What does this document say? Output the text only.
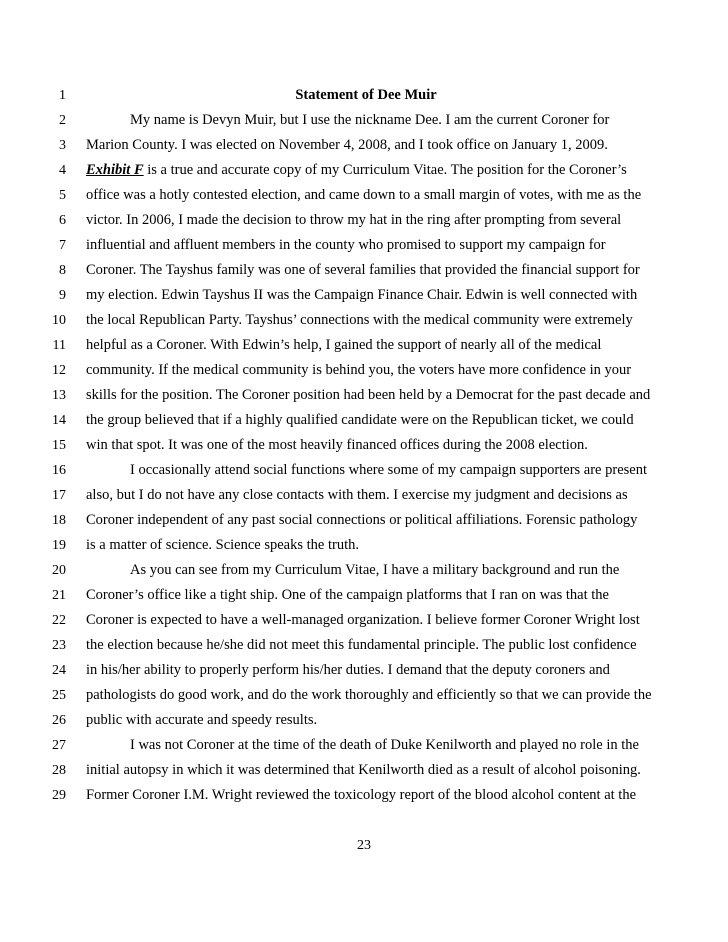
1	Statement of Dee Muir
2	My name is Devyn Muir, but I use the nickname Dee. I am the current Coroner for
3 Marion County. I was elected on November 4, 2008, and I took office on January 1, 2009.
4 Exhibit F is a true and accurate copy of my Curriculum Vitae. The position for the Coroner’s
5 office was a hotly contested election, and came down to a small margin of votes, with me as the
6 victor. In 2006, I made the decision to throw my hat in the ring after prompting from several
7 influential and affluent members in the county who promised to support my campaign for
8 Coroner. The Tayshus family was one of several families that provided the financial support for
9 my election. Edwin Tayshus II was the Campaign Finance Chair. Edwin is well connected with
10 the local Republican Party. Tayshus’ connections with the medical community were extremely
11 helpful as a Coroner. With Edwin’s help, I gained the support of nearly all of the medical
12 community. If the medical community is behind you, the voters have more confidence in your
13 skills for the position. The Coroner position had been held by a Democrat for the past decade and
14 the group believed that if a highly qualified candidate were on the Republican ticket, we could
15 win that spot. It was one of the most heavily financed offices during the 2008 election.
16	I occasionally attend social functions where some of my campaign supporters are present
17 also, but I do not have any close contacts with them. I exercise my judgment and decisions as
18 Coroner independent of any past social connections or political affiliations. Forensic pathology
19 is a matter of science. Science speaks the truth.
20	As you can see from my Curriculum Vitae, I have a military background and run the
21 Coroner’s office like a tight ship. One of the campaign platforms that I ran on was that the
22 Coroner is expected to have a well-managed organization. I believe former Coroner Wright lost
23 the election because he/she did not meet this fundamental principle. The public lost confidence
24 in his/her ability to properly perform his/her duties. I demand that the deputy coroners and
25 pathologists do good work, and do the work thoroughly and efficiently so that we can provide the
26 public with accurate and speedy results.
27	I was not Coroner at the time of the death of Duke Kenilworth and played no role in the
28 initial autopsy in which it was determined that Kenilworth died as a result of alcohol poisoning.
29 Former Coroner I.M. Wright reviewed the toxicology report of the blood alcohol content at the
23
